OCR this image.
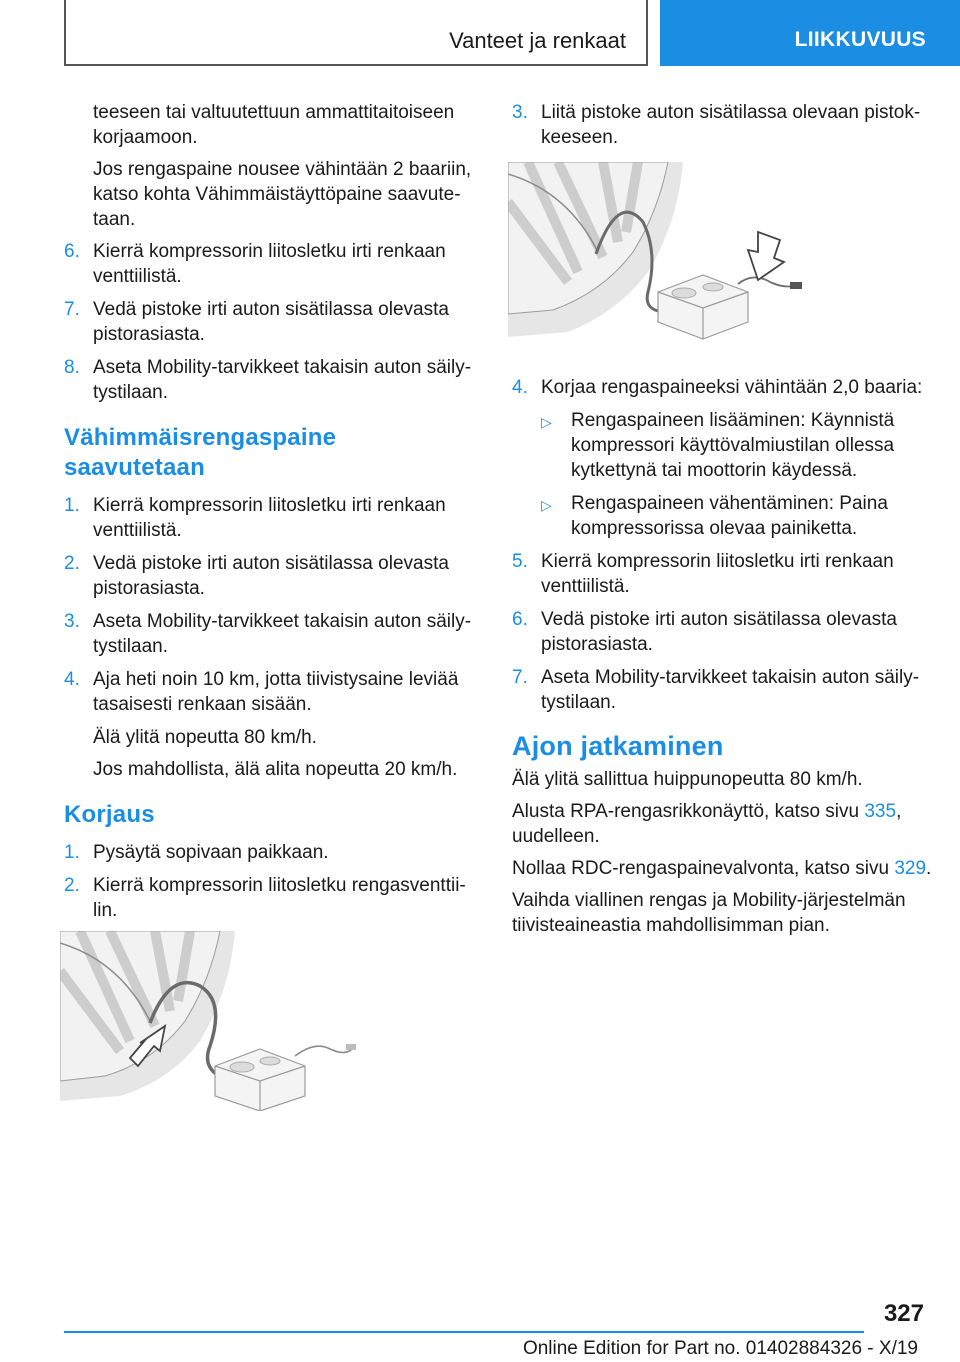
Vanteet ja renkaat	LIIKKUVUUS
teeseen tai valtuutettuun ammattitaitoiseen korjaamoon.
Jos rengaspaine nousee vähintään 2 baariin, katso kohta Vähimmäistäyttöpaine saavute‐taan.
6. Kierrä kompressorin liitosletku irti renkaan venttiilistä.
7. Vedä pistoke irti auton sisätilassa olevasta pistorasiasta.
8. Aseta Mobility-tarvikkeet takaisin auton säily‐tystilaan.
Vähimmäisrengaspaine saavutetaan
1. Kierrä kompressorin liitosletku irti renkaan venttiilistä.
2. Vedä pistoke irti auton sisätilassa olevasta pistorasiasta.
3. Aseta Mobility-tarvikkeet takaisin auton säily‐tystilaan.
4. Aja heti noin 10 km, jotta tiivistysaine leviää tasaisesti renkaan sisään.
Älä ylitä nopeutta 80 km/h.
Jos mahdollista, älä alita nopeutta 20 km/h.
Korjaus
1. Pysäytä sopivaan paikkaan.
2. Kierrä kompressorin liitosletku rengasventtii‐lin.
3. Liitä pistoke auton sisätilassa olevaan pistok‐keeseen.
4. Korjaa rengaspaineeksi vähintään 2,0 baaria:
▷	Rengaspaineen lisääminen: Käynnistä kompressori käyttövalmiustilan ollessa kytkettynä tai moottorin käydessä.
▷	Rengaspaineen vähentäminen: Paina kompressorissa olevaa painiketta.
5. Kierrä kompressorin liitosletku irti renkaan venttiilistä.
6. Vedä pistoke irti auton sisätilassa olevasta pistorasiasta.
7. Aseta Mobility-tarvikkeet takaisin auton säily‐tystilaan.
Ajon jatkaminen
Älä ylitä sallittua huippunopeutta 80 km/h.
Alusta RPA-rengasrikkonäyttö, katso sivu 335, uudelleen.
Nollaa RDC-rengaspainevalvonta, katso sivu 329.
Vaihda viallinen rengas ja Mobility-järjestelmän tiivisteaineastia mahdollisimman pian.
327
Online Edition for Part no. 01402884326 - X/19
